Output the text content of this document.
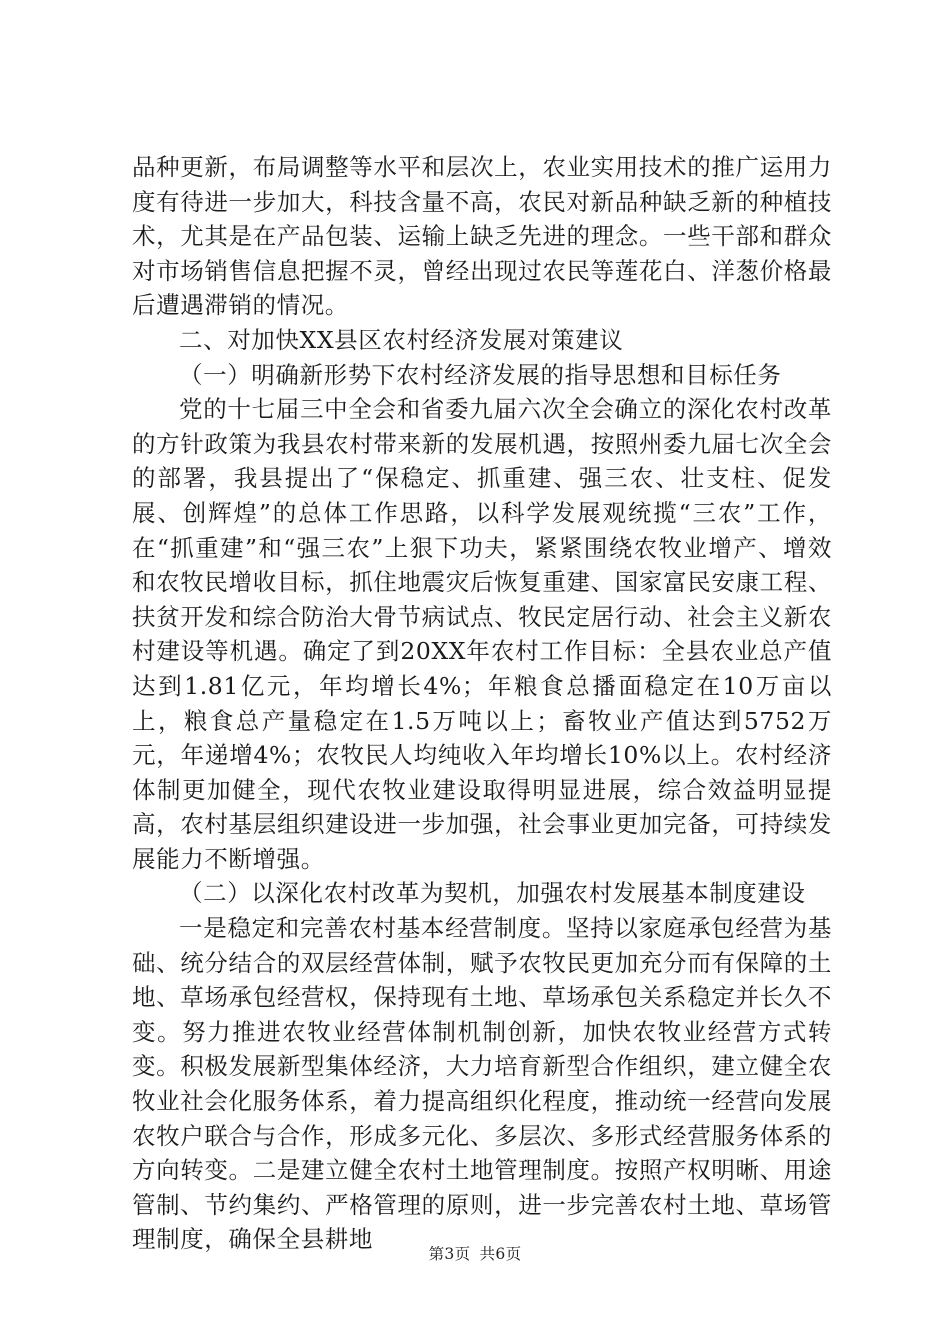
品种更新，布局调整等水平和层次上，农业实用技术的推广运用力度有待进一步加大，科技含量不高，农民对新品种缺乏新的种植技术，尤其是在产品包装、运输上缺乏先进的理念。一些干部和群众对市场销售信息把握不灵，曾经出现过农民等莲花白、洋葱价格最后遭遇滞销的情况。

二、对加快XX县区农村经济发展对策建议

（一）明确新形势下农村经济发展的指导思想和目标任务

党的十七届三中全会和省委九届六次全会确立的深化农村改革的方针政策为我县农村带来新的发展机遇，按照州委九届七次全会的部署，我县提出了“保稳定、抓重建、强三农、壮支柱、促发展、创辉煌”的总体工作思路，以科学发展观统揽“三农”工作，在“抓重建”和“强三农”上狠下功夫，紧紧围绕农牧业增产、增效和农牧民增收目标，抓住地震灾后恢复重建、国家富民安康工程、扶贫开发和综合防治大骨节病试点、牧民定居行动、社会主义新农村建设等机遇。确定了到20XX年农村工作目标：全县农业总产值达到1.81亿元，年均增长4%；年粮食总播面稳定在10万亩以上，粮食总产量稳定在1.5万吨以上；畜牧业产值达到5752万元，年递增4%；农牧民人均纯收入年均增长10%以上。农村经济体制更加健全，现代农牧业建设取得明显进展，综合效益明显提高，农村基层组织建设进一步加强，社会事业更加完备，可持续发展能力不断增强。

（二）以深化农村改革为契机，加强农村发展基本制度建设

一是稳定和完善农村基本经营制度。坚持以家庭承包经营为基础、统分结合的双层经营体制，赋予农牧民更加充分而有保障的土地、草场承包经营权，保持现有土地、草场承包关系稳定并长久不变。努力推进农牧业经营体制机制创新，加快农牧业经营方式转变。积极发展新型集体经济，大力培育新型合作组织，建立健全农牧业社会化服务体系，着力提高组织化程度，推动统一经营向发展农牧户联合与合作，形成多元化、多层次、多形式经营服务体系的方向转变。二是建立健全农村土地管理制度。按照产权明晰、用途管制、节约集约、严格管理的原则，进一步完善农村土地、草场管理制度，确保全县耕地

第3页 共6页
